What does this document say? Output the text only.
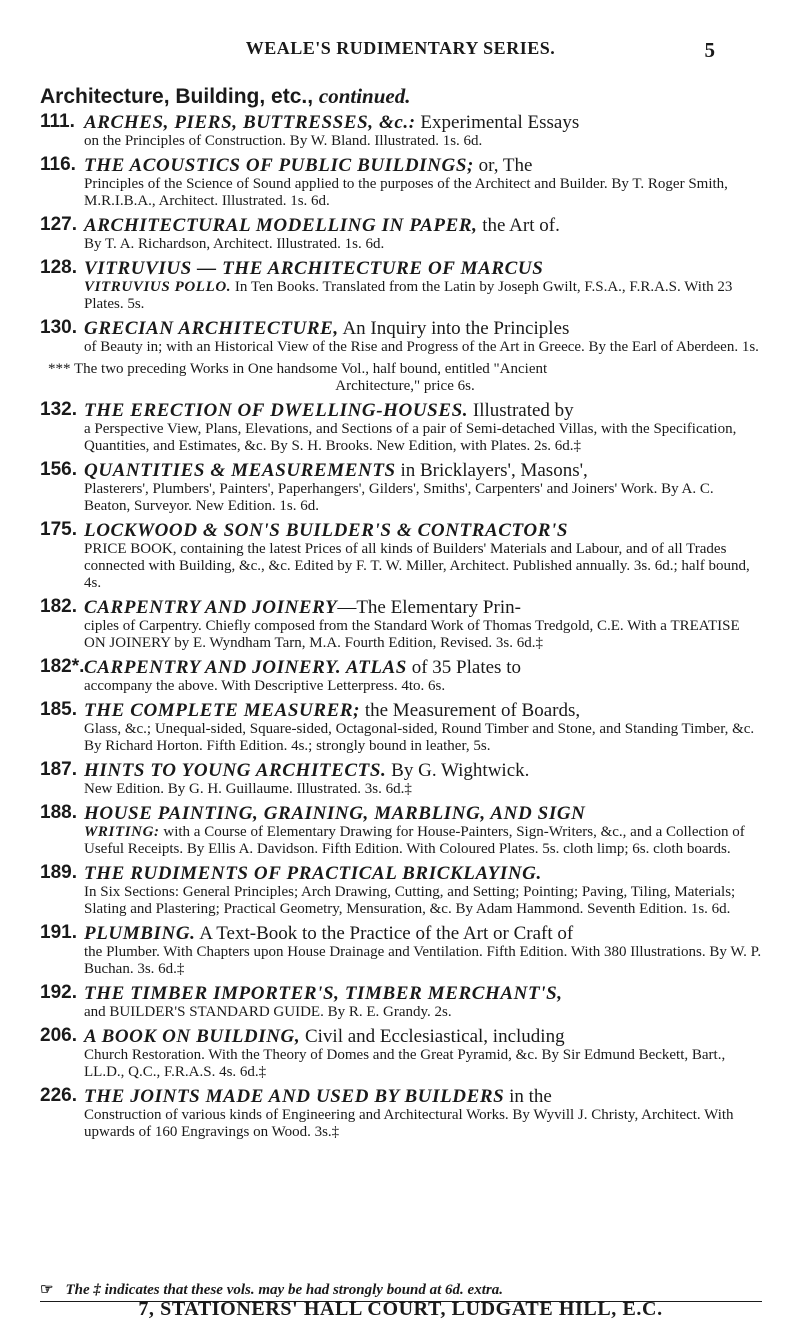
WEALE'S RUDIMENTARY SERIES.	5
Architecture, Building, etc., continued.
111. ARCHES, PIERS, BUTTRESSES, &c.: Experimental Essays
on the Principles of Construction. By W. Bland. Illustrated. 1s. 6d.
116. THE ACOUSTICS OF PUBLIC BUILDINGS; or, The
Principles of the Science of Sound applied to the purposes of the Architect and Builder. By T. Roger Smith, M.R.I.B.A., Architect. Illustrated. 1s. 6d.
127. ARCHITECTURAL MODELLING IN PAPER, the Art of.
By T. A. Richardson, Architect. Illustrated. 1s. 6d.
128. VITRUVIUS — THE ARCHITECTURE OF MARCUS
VITRUVIUS POLLO. In Ten Books. Translated from the Latin by Joseph Gwilt, F.S.A., F.R.A.S. With 23 Plates. 5s.
130. GRECIAN ARCHITECTURE, An Inquiry into the Principles
of Beauty in; with an Historical View of the Rise and Progress of the Art in Greece. By the Earl of Aberdeen. 1s.
*** The two preceding Works in One handsome Vol., half bound, entitled "Ancient
Architecture," price 6s.
132. THE ERECTION OF DWELLING-HOUSES. Illustrated by
a Perspective View, Plans, Elevations, and Sections of a pair of Semi-detached Villas, with the Specification, Quantities, and Estimates, &c. By S. H. Brooks. New Edition, with Plates. 2s. 6d.‡
156. QUANTITIES & MEASUREMENTS in Bricklayers', Masons',
Plasterers', Plumbers', Painters', Paperhangers', Gilders', Smiths', Carpenters' and Joiners' Work. By A. C. Beaton, Surveyor. New Edition. 1s. 6d.
175. LOCKWOOD & SON'S BUILDER'S & CONTRACTOR'S
PRICE BOOK, containing the latest Prices of all kinds of Builders' Materials and Labour, and of all Trades connected with Building, &c., &c. Edited by F. T. W. Miller, Architect. Published annually. 3s. 6d.; half bound, 4s.
182. CARPENTRY AND JOINERY—The Elementary Prin-
ciples of Carpentry. Chiefly composed from the Standard Work of Thomas Tredgold, C.E. With a TREATISE ON JOINERY by E. Wyndham Tarn, M.A. Fourth Edition, Revised. 3s. 6d.‡
182*. CARPENTRY AND JOINERY. ATLAS of 35 Plates to
accompany the above. With Descriptive Letterpress. 4to. 6s.
185. THE COMPLETE MEASURER; the Measurement of Boards,
Glass, &c.; Unequal-sided, Square-sided, Octagonal-sided, Round Timber and Stone, and Standing Timber, &c. By Richard Horton. Fifth Edition. 4s.; strongly bound in leather, 5s.
187. HINTS TO YOUNG ARCHITECTS. By G. Wightwick.
New Edition. By G. H. Guillaume. Illustrated. 3s. 6d.‡
188. HOUSE PAINTING, GRAINING, MARBLING, AND SIGN
WRITING: with a Course of Elementary Drawing for House-Painters, Sign-Writers, &c., and a Collection of Useful Receipts. By Ellis A. Davidson. Fifth Edition. With Coloured Plates. 5s. cloth limp; 6s. cloth boards.
189. THE RUDIMENTS OF PRACTICAL BRICKLAYING.
In Six Sections: General Principles; Arch Drawing, Cutting, and Setting; Pointing; Paving, Tiling, Materials; Slating and Plastering; Practical Geometry, Mensuration, &c. By Adam Hammond. Seventh Edition. 1s. 6d.
191. PLUMBING. A Text-Book to the Practice of the Art or Craft of
the Plumber. With Chapters upon House Drainage and Ventilation. Fifth Edition. With 380 Illustrations. By W. P. Buchan. 3s. 6d.‡
192. THE TIMBER IMPORTER'S, TIMBER MERCHANT'S,
and BUILDER'S STANDARD GUIDE. By R. E. Grandy. 2s.
206. A BOOK ON BUILDING, Civil and Ecclesiastical, including
Church Restoration. With the Theory of Domes and the Great Pyramid, &c. By Sir Edmund Beckett, Bart., LL.D., Q.C., F.R.A.S. 4s. 6d.‡
226. THE JOINTS MADE AND USED BY BUILDERS in the
Construction of various kinds of Engineering and Architectural Works. By Wyvill J. Christy, Architect. With upwards of 160 Engravings on Wood. 3s.‡
☞ The ‡ indicates that these vols. may be had strongly bound at 6d. extra.
7, STATIONERS' HALL COURT, LUDGATE HILL, E.C.
